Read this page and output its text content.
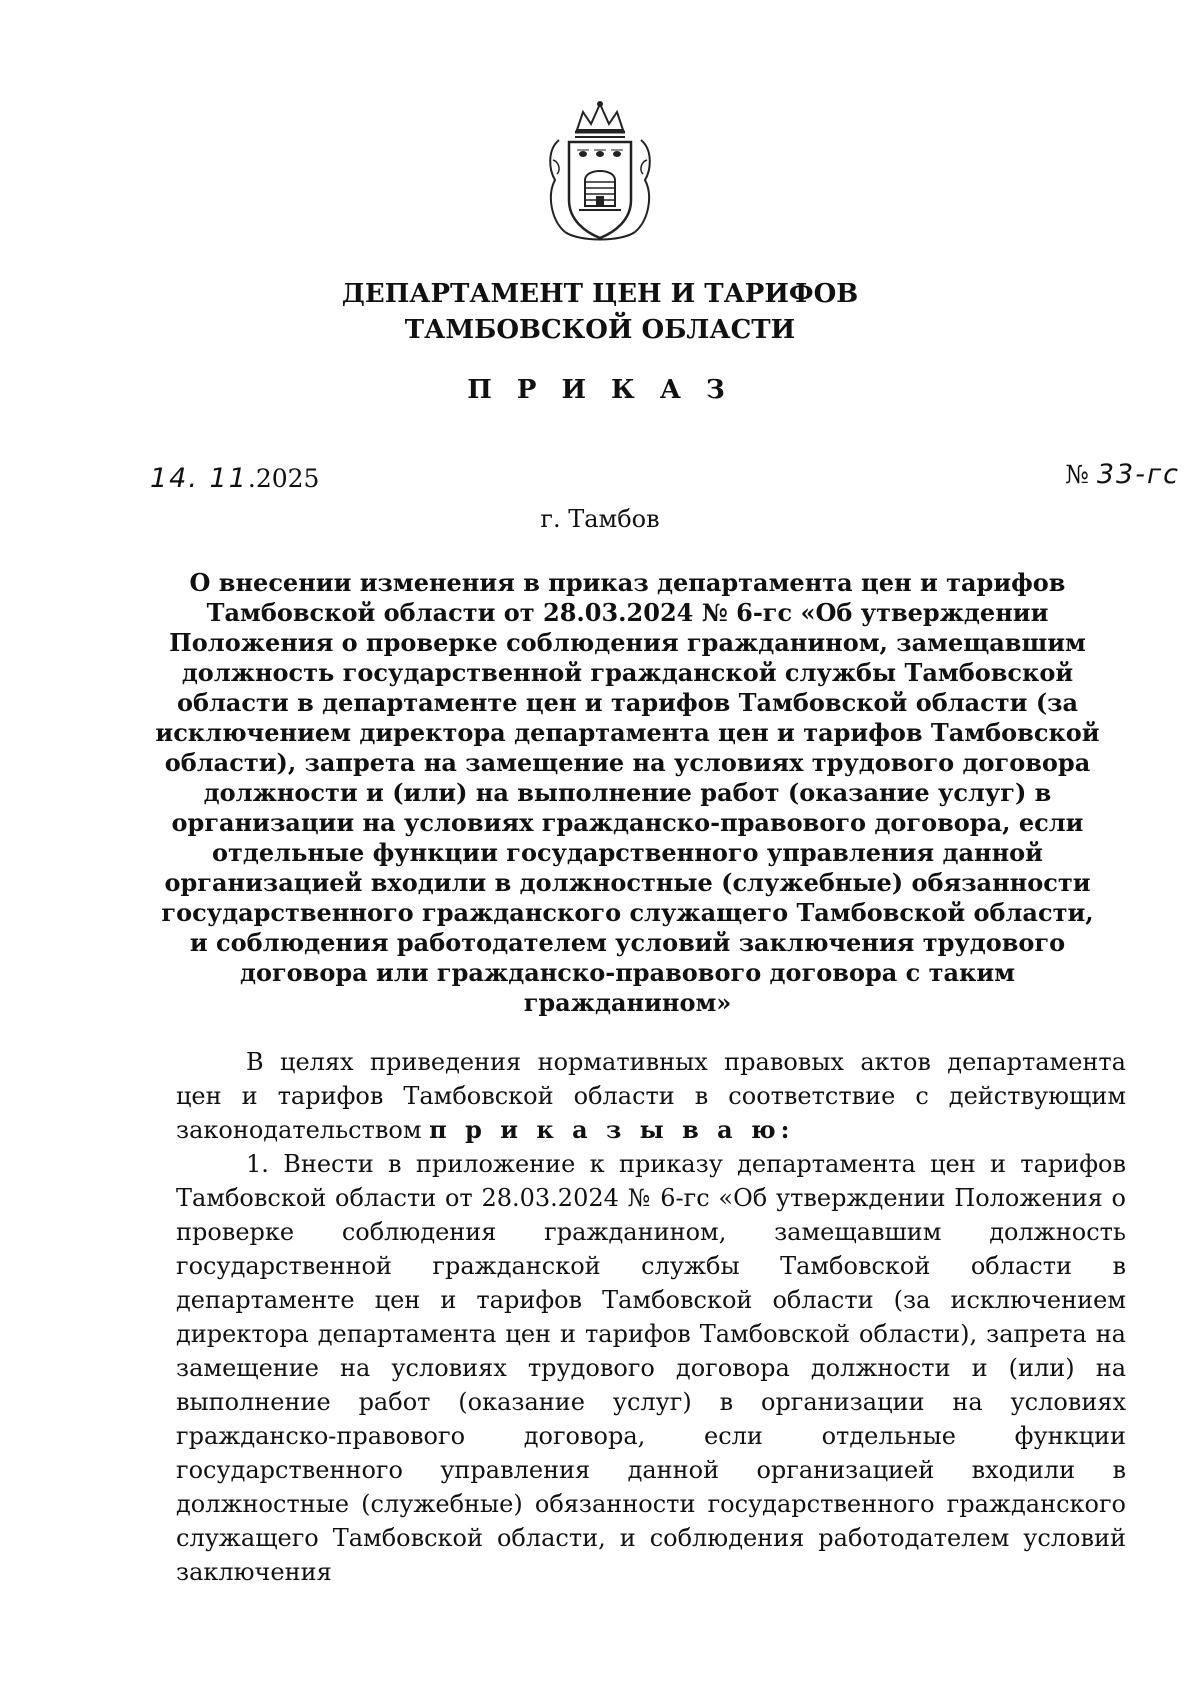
ДЕПАРТАМЕНТ ЦЕН И ТАРИФОВ
ТАМБОВСКОЙ ОБЛАСТИ
П Р И К А З
14. 11.2025	№ 33-гс
г. Тамбов
О внесении изменения в приказ департамента цен и тарифов Тамбовской области от 28.03.2024 № 6-гс «Об утверждении Положения о проверке соблюдения гражданином, замещавшим должность государственной гражданской службы Тамбовской области в департаменте цен и тарифов Тамбовской области (за исключением директора департамента цен и тарифов Тамбовской области), запрета на замещение на условиях трудового договора должности и (или) на выполнение работ (оказание услуг) в организации на условиях гражданско-правового договора, если отдельные функции государственного управления данной организацией входили в должностные (служебные) обязанности государственного гражданского служащего Тамбовской области, и соблюдения работодателем условий заключения трудового договора или гражданско-правового договора с таким гражданином»

В целях приведения нормативных правовых актов департамента цен и тарифов Тамбовской области в соответствие с действующим законодательством п р и к а з ы в а ю:

1. Внести в приложение к приказу департамента цен и тарифов Тамбовской области от 28.03.2024 № 6-гс «Об утверждении Положения о проверке соблюдения гражданином, замещавшим должность государственной гражданской службы Тамбовской области в департаменте цен и тарифов Тамбовской области (за исключением директора департамента цен и тарифов Тамбовской области), запрета на замещение на условиях трудового договора должности и (или) на выполнение работ (оказание услуг) в организации на условиях гражданско-правового договора, если отдельные функции государственного управления данной организацией входили в должностные (служебные) обязанности государственного гражданского служащего Тамбовской области, и соблюдения работодателем условий заключения
